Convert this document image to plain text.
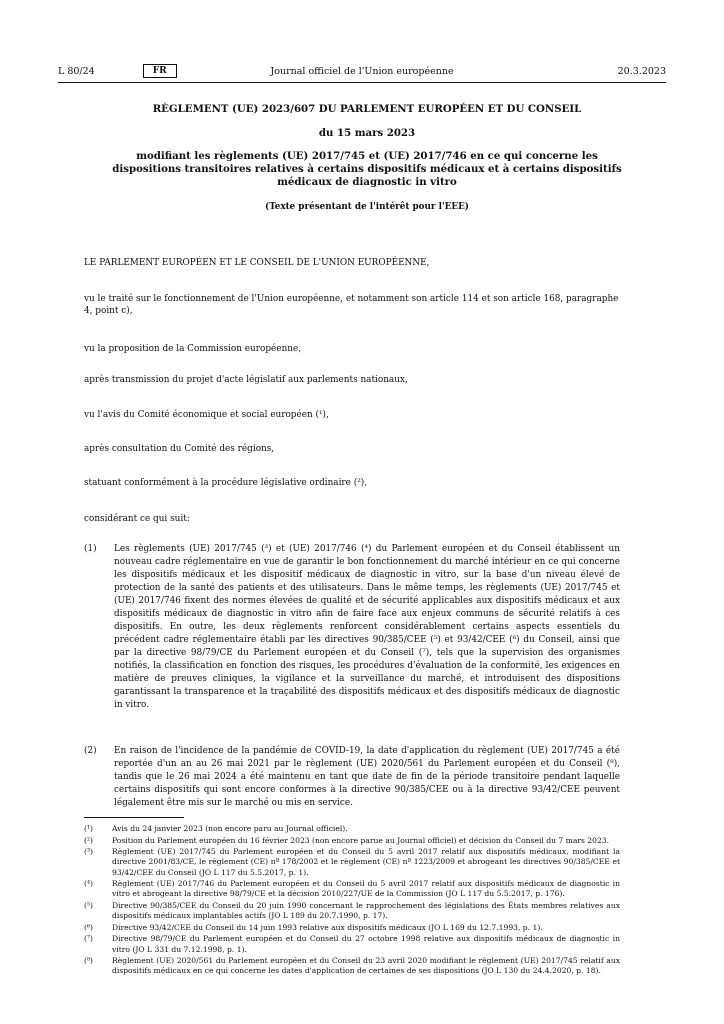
Journal officiel de l'Union européenne
L 80/24	FR	20.3.2023
RÈGLEMENT (UE) 2023/607 DU PARLEMENT EUROPÉEN ET DU CONSEIL
du 15 mars 2023
modifiant les règlements (UE) 2017/745 et (UE) 2017/746 en ce qui concerne les dispositions transitoires relatives à certains dispositifs médicaux et à certains dispositifs médicaux de diagnostic in vitro
(Texte présentant de l'intérêt pour l'EEE)
LE PARLEMENT EUROPÉEN ET LE CONSEIL DE L'UNION EUROPÉENNE,
vu le traité sur le fonctionnement de l'Union européenne, et notamment son article 114 et son article 168, paragraphe 4, point c),
vu la proposition de la Commission européenne,
après transmission du projet d'acte législatif aux parlements nationaux,
vu l'avis du Comité économique et social européen (¹),
après consultation du Comité des régions,
statuant conformément à la procédure législative ordinaire (²),
considérant ce qui suit:
(1)	Les règlements (UE) 2017/745 (³) et (UE) 2017/746 (⁴) du Parlement européen et du Conseil établissent un nouveau cadre réglementaire en vue de garantir le bon fonctionnement du marché intérieur en ce qui concerne les dispositifs médicaux et les dispositif médicaux de diagnostic in vitro, sur la base d'un niveau élevé de protection de la santé des patients et des utilisateurs. Dans le même temps, les règlements (UE) 2017/745 et (UE) 2017/746 fixent des normes élevées de qualité et de sécurité applicables aux dispositifs médicaux et aux dispositifs médicaux de diagnostic in vitro afin de faire face aux enjeux communs de sécurité relatifs à ces dispositifs. En outre, les deux règlements renforcent considérablement certains aspects essentiels du précédent cadre réglementaire établi par les directives 90/385/CEE (⁵) et 93/42/CEE (⁶) du Conseil, ainsi que par la directive 98/79/CE du Parlement européen et du Conseil (⁷), tels que la supervision des organismes notifiés, la classification en fonction des risques, les procédures d'évaluation de la conformité, les exigences en matière de preuves cliniques, la vigilance et la surveillance du marché, et introduisent des dispositions garantissant la transparence et la traçabilité des dispositifs médicaux et des dispositifs médicaux de diagnostic in vitro.
(2)	En raison de l'incidence de la pandémie de COVID-19, la date d'application du règlement (UE) 2017/745 a été reportée d'un an au 26 mai 2021 par le règlement (UE) 2020/561 du Parlement européen et du Conseil (⁸), tandis que le 26 mai 2024 a été maintenu en tant que date de fin de la période transitoire pendant laquelle certains dispositifs qui sont encore conformes à la directive 90/385/CEE ou à la directive 93/42/CEE peuvent légalement être mis sur le marché ou mis en service.
(¹)	Avis du 24 janvier 2023 (non encore paru au Journal officiel).
(²)	Position du Parlement européen du 16 février 2023 (non encore parue au Journal officiel) et décision du Conseil du 7 mars 2023.
(³)	Règlement (UE) 2017/745 du Parlement européen et du Conseil du 5 avril 2017 relatif aux dispositifs médicaux, modifiant la directive 2001/83/CE, le règlement (CE) nº 178/2002 et le règlement (CE) nº 1223/2009 et abrogeant les directives 90/385/CEE et 93/42/CEE du Conseil (JO L 117 du 5.5.2017, p. 1).
(⁴)	Règlement (UE) 2017/746 du Parlement européen et du Conseil du 5 avril 2017 relatif aux dispositifs médicaux de diagnostic in vitro et abrogeant la directive 98/79/CE et la décision 2010/227/UE de la Commission (JO L 117 du 5.5.2017, p. 176).
(⁵)	Directive 90/385/CEE du Conseil du 20 juin 1990 concernant le rapprochement des législations des États membres relatives aux dispositifs médicaux implantables actifs (JO L 189 du 20.7.1990, p. 17).
(⁶)	Directive 93/42/CEE du Conseil du 14 juin 1993 relative aux dispositifs médicaux (JO L 169 du 12.7.1993, p. 1).
(⁷)	Directive 98/79/CE du Parlement européen et du Conseil du 27 octobre 1998 relative aux dispositifs médicaux de diagnostic in vitro (JO L 331 du 7.12.1998, p. 1).
(⁸)	Règlement (UE) 2020/561 du Parlement européen et du Conseil du 23 avril 2020 modifiant le règlement (UE) 2017/745 relatif aux dispositifs médicaux en ce qui concerne les dates d'application de certaines de ses dispositions (JO L 130 du 24.4.2020, p. 18).
